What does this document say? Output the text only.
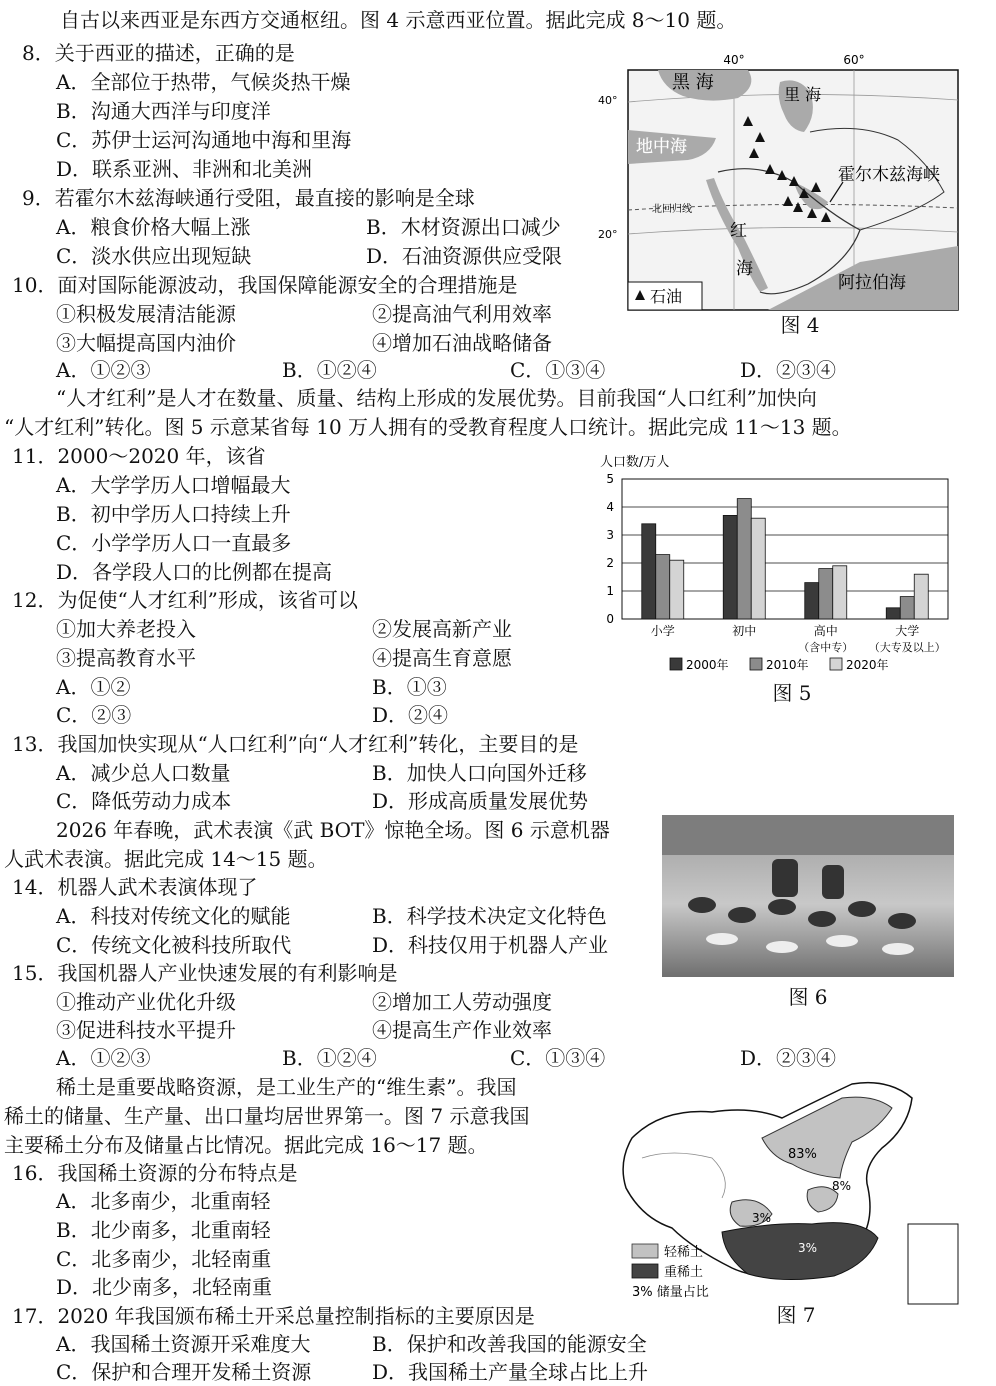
自古以来西亚是东西方交通枢纽。图 4 示意西亚位置。据此完成 8～10 题。
8．关于西亚的描述，正确的是
A．全部位于热带，气候炎热干燥
B．沟通大西洋与印度洋
C．苏伊士运河沟通地中海和里海
D．联系亚洲、非洲和北美洲
9．若霍尔木兹海峡通行受阻，最直接的影响是全球
A．粮食价格大幅上涨	B．木材资源出口减少
C．淡水供应出现短缺	D．石油资源供应受限
10．面对国际能源波动，我国保障能源安全的合理措施是
①积极发展清洁能源	②提高油气利用效率
③大幅提高国内油价	④增加石油战略储备
A．①②③	B．①②④	C．①③④	D．②③④
40°	60°
40°
20°
黑 海
里 海
地中海
霍尔木兹海峡
北回归线
红
海
阿拉伯海
石油
图 4
“人才红利”是人才在数量、质量、结构上形成的发展优势。目前我国“人口红利”加快向
“人才红利”转化。图 5 示意某省每 10 万人拥有的受教育程度人口统计。据此完成 11～13 题。
11．2000～2020 年，该省
A．大学学历人口增幅最大
B．初中学历人口持续上升
C．小学学历人口一直最多
D．各学段人口的比例都在提高
12．为促使“人才红利”形成，该省可以
①加大养老投入	②发展高新产业
③提高教育水平	④提高生育意愿
A．①②	B．①③
C．②③	D．②④
13．我国加快实现从“人口红利”向“人才红利”转化，主要目的是
A．减少总人口数量	B．加快人口向国外迁移
C．降低劳动力成本	D．形成高质量发展优势
人口数/万人
0
1
2
3
4
5
小学	初中	高中
（含中专）
大学
（大专及以上）
2000年	2010年	2020年
图 5
2026 年春晚，武术表演《武 BOT》惊艳全场。图 6 示意机器
人武术表演。据此完成 14～15 题。
14．机器人武术表演体现了
A．科技对传统文化的赋能	B．科学技术决定文化特色
C．传统文化被科技所取代	D．科技仅用于机器人产业
15．我国机器人产业快速发展的有利影响是
①推动产业优化升级	②增加工人劳动强度
③促进科技水平提升	④提高生产作业效率
A．①②③	B．①②④	C．①③④	D．②③④
图 6
稀土是重要战略资源，是工业生产的“维生素”。我国
稀土的储量、生产量、出口量均居世界第一。图 7 示意我国
主要稀土分布及储量占比情况。据此完成 16～17 题。
16．我国稀土资源的分布特点是
A．北多南少，北重南轻
B．北少南多，北重南轻
C．北多南少，北轻南重
D．北少南多，北轻南重
17．2020 年我国颁布稀土开采总量控制指标的主要原因是
A．我国稀土资源开采难度大	B．保护和改善我国的能源安全
C．保护和合理开发稀土资源	D．我国稀土产量全球占比上升
83%
8%
3%
3%
轻稀土
重稀土
3% 储量占比
图 7
